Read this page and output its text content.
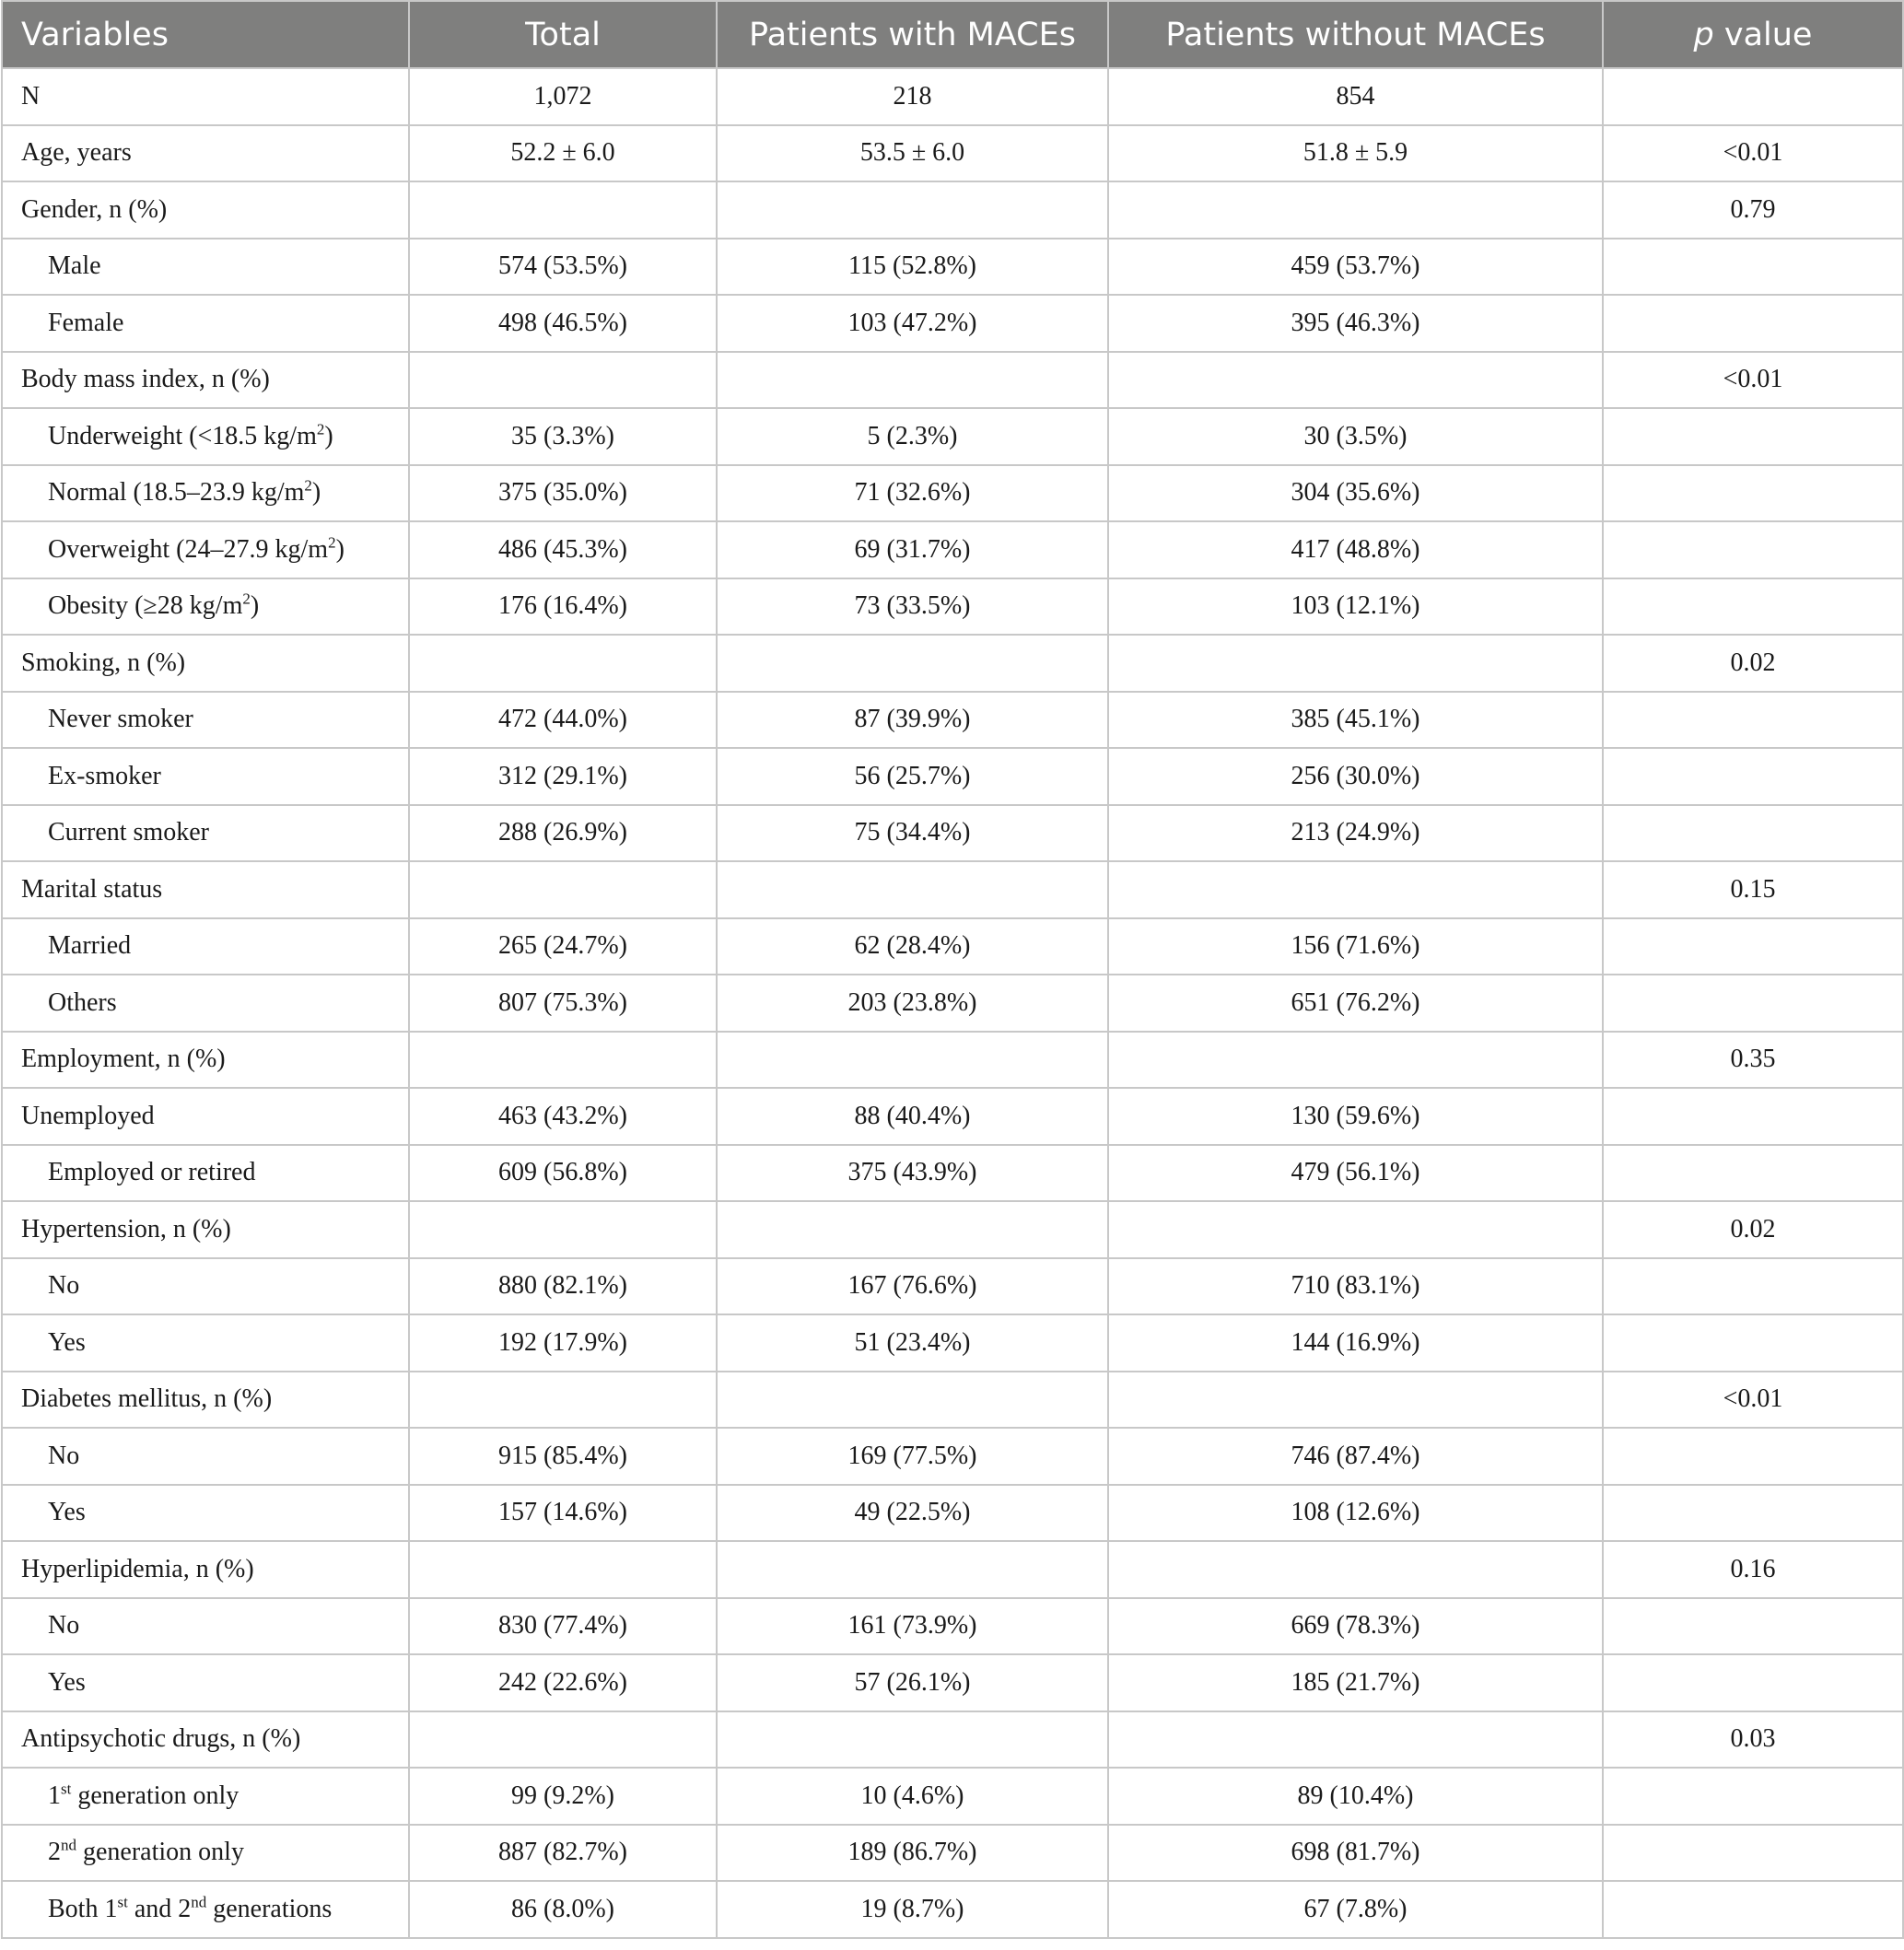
Variables	Total	Patients with MACEs	Patients without MACEs	p value
N	1,072	218	854	
Age, years	52.2 ± 6.0	53.5 ± 6.0	51.8 ± 5.9	<0.01
Gender, n (%)				0.79
Male	574 (53.5%)	115 (52.8%)	459 (53.7%)	
Female	498 (46.5%)	103 (47.2%)	395 (46.3%)	
Body mass index, n (%)				<0.01
Underweight (<18.5 $kg/m^2$)	35 (3.3%)	5 (2.3%)	30 (3.5%)	
Normal (18.5–23.9 $kg/m^2$)	375 (35.0%)	71 (32.6%)	304 (35.6%)	
Overweight (24–27.9 $kg/m^2$)	486 (45.3%)	69 (31.7%)	417 (48.8%)	
Obesity (≥28 $kg/m^2$)	176 (16.4%)	73 (33.5%)	103 (12.1%)	
Smoking, n (%)				0.02
Never smoker	472 (44.0%)	87 (39.9%)	385 (45.1%)	
Ex-smoker	312 (29.1%)	56 (25.7%)	256 (30.0%)	
Current smoker	288 (26.9%)	75 (34.4%)	213 (24.9%)	
Marital status				0.15
Married	265 (24.7%)	62 (28.4%)	156 (71.6%)	
Others	807 (75.3%)	203 (23.8%)	651 (76.2%)	
Employment, n (%)				0.35
Unemployed	463 (43.2%)	88 (40.4%)	130 (59.6%)	
Employed or retired	609 (56.8%)	375 (43.9%)	479 (56.1%)	
Hypertension, n (%)				0.02
No	880 (82.1%)	167 (76.6%)	710 (83.1%)	
Yes	192 (17.9%)	51 (23.4%)	144 (16.9%)	
Diabetes mellitus, n (%)				<0.01
No	915 (85.4%)	169 (77.5%)	746 (87.4%)	
Yes	157 (14.6%)	49 (22.5%)	108 (12.6%)	
Hyperlipidemia, n (%)				0.16
No	830 (77.4%)	161 (73.9%)	669 (78.3%)	
Yes	242 (22.6%)	57 (26.1%)	185 (21.7%)	
Antipsychotic drugs, n (%)				0.03
1st generation only	99 (9.2%)	10 (4.6%)	89 (10.4%)	
2nd generation only	887 (82.7%)	189 (86.7%)	698 (81.7%)	
Both 1st and 2nd generations	86 (8.0%)	19 (8.7%)	67 (7.8%)	
